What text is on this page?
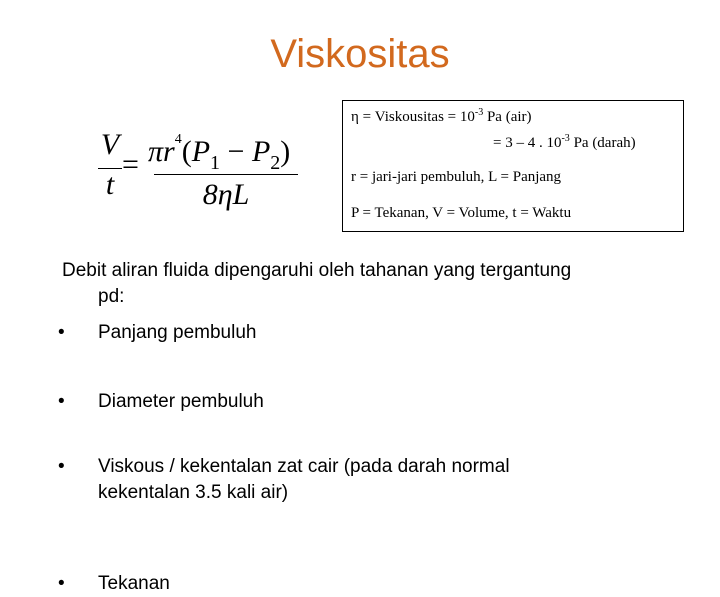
Viskositas
V
t
= $\pi r^4(P_1 - P_2)$
8ηL
η = Viskousitas = $10^{-3}$ Pa (air)
= 3 – 4 . $10^{-3}$ Pa (darah)
r = jari-jari pembuluh, L = Panjang
P = Tekanan, V = Volume, t = Waktu
Debit aliran fluida dipengaruhi oleh tahanan yang tergantung
pd:
• Panjang pembuluh
• Diameter pembuluh
• Viskous / kekentalan zat cair (pada darah normal
kekentalan 3.5 kali air)
• Tekanan
